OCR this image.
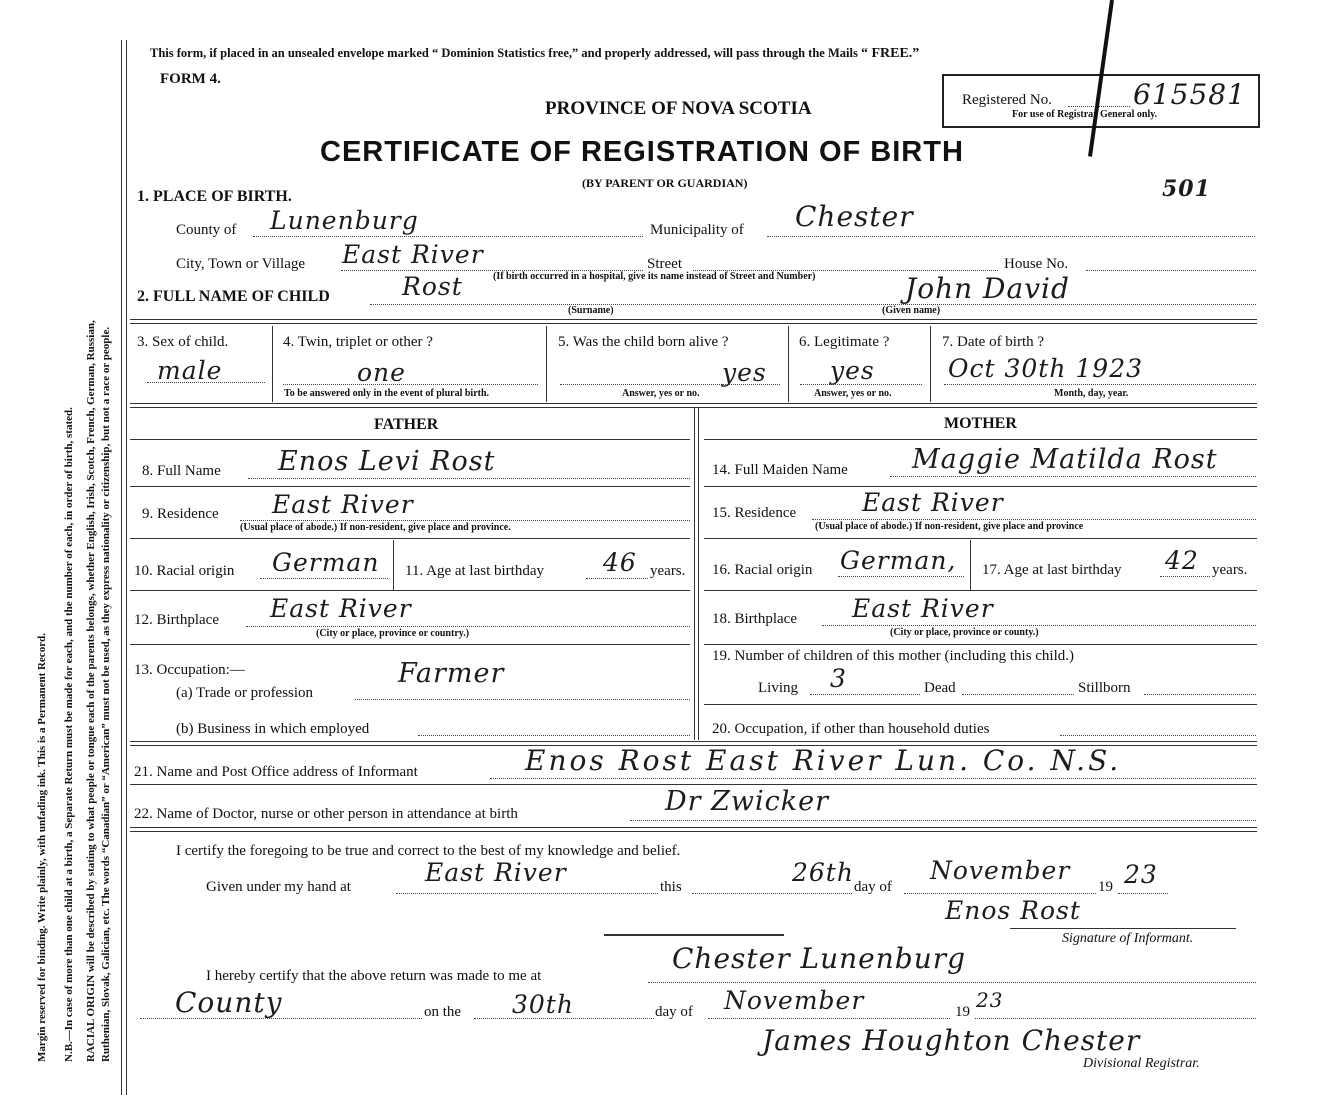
Margin reserved for binding. Write plainly, with unfading ink. This is a Permanent Record. N.B.—In case of more than one child at a birth, a Separate Return must be made for each, and the number of each, in order of birth, stated. RACIAL ORIGIN will be described by stating to what people or tongue each of the parents belongs, whether English, Irish, Scotch, French, German, Russian, Ruthenian, Slovak, Galician, etc. The words “Canadian” or “American” must not be used, as they express nationality or citizenship, but not a race or people.
This form, if placed in an unsealed envelope marked “ Dominion Statistics free,” and properly addressed, will pass through the Mails “ FREE.”
FORM 4.
PROVINCE OF NOVA SCOTIA
CERTIFICATE OF REGISTRATION OF BIRTH
(BY PARENT OR GUARDIAN)
Registered No.	615581
For use of Registrar General only.
501
1. PLACE OF BIRTH.
County of Lunenburg	Municipality of Chester
City, Town or Village East River	Street	House No.
(If birth occurred in a hospital, give its name instead of Street and Number)
2. FULL NAME OF CHILD	Rost	John David
(Surname)	(Given name)
3. Sex of child.
male
4. Twin, triplet or other ?
one
To be answered only in the event of plural birth.
5. Was the child born alive ?
yes
Answer, yes or no.
6. Legitimate ?
yes
Answer, yes or no.
7. Date of birth ?
Oct 30th 1923
Month, day, year.
FATHER	MOTHER
8. Full Name Enos Levi Rost
9. Residence East River
(Usual place of abode.) If non-resident, give place and province.
10. Racial origin German 11. Age at last birthday 46 years.
12. Birthplace East River
(City or place, province or country.)
13. Occupation:—
(a) Trade or profession
Farmer
(b) Business in which employed
14. Full Maiden Name Maggie Matilda Rost
15. Residence	East River
(Usual place of abode.) If non-resident, give place and province
16. Racial origin German, 17. Age at last birthday 42 years.
18. Birthplace East River
(City or place, province or county.)
19. Number of children of this mother (including this child.)
Living 3	Dead	Stillborn
20. Occupation, if other than household duties
21. Name and Post Office address of Informant	Enos Rost East River Lun. Co. N.S.
22. Name of Doctor, nurse or other person in attendance at birth	Dr Zwicker
I certify the foregoing to be true and correct to the best of my knowledge and belief.
Given under my hand at	East River	this	26th day of
November
19 23
Enos Rost
Signature of Informant.
I hereby certify that the above return was made to me at
Chester Lunenburg
County	on the 30th	day of November	19 23
James Houghton Chester
Divisional Registrar.
